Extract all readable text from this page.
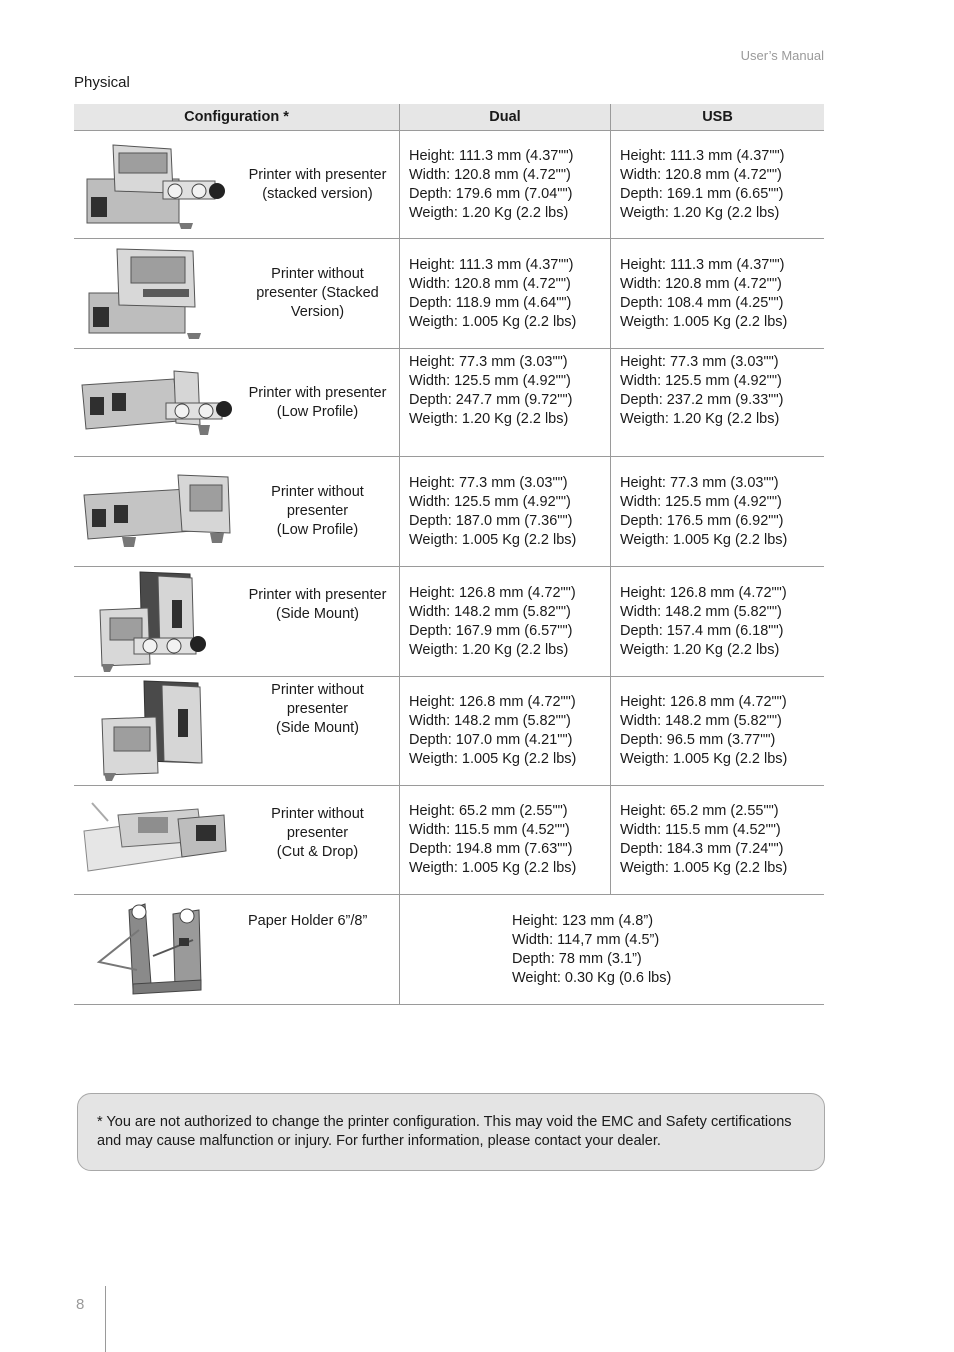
User’s Manual
Physical
Configuration *	Dual	USB

Printer with presenter
(stacked version)	Height: 111.3 mm (4.37"")
Width: 120.8 mm (4.72"")
Depth: 179.6 mm (7.04"")
Weigth: 1.20 Kg (2.2 lbs)	Height: 111.3 mm (4.37"")
Width: 120.8 mm (4.72"")
Depth: 169.1 mm (6.65"")
Weigth: 1.20 Kg (2.2 lbs)

Printer without
presenter (Stacked
Version)	Height: 111.3 mm (4.37"")
Width: 120.8 mm (4.72"")
Depth: 118.9 mm (4.64"")
Weigth: 1.005 Kg (2.2 lbs)	Height: 111.3 mm (4.37"")
Width: 120.8 mm (4.72"")
Depth: 108.4 mm (4.25"")
Weigth: 1.005 Kg (2.2 lbs)

Printer with presenter
(Low Profile)	Height: 77.3 mm (3.03"")
Width: 125.5 mm (4.92"")
Depth: 247.7 mm (9.72"")
Weigth: 1.20 Kg (2.2 lbs)	Height: 77.3 mm (3.03"")
Width: 125.5 mm (4.92"")
Depth: 237.2 mm (9.33"")
Weigth: 1.20 Kg (2.2 lbs)

Printer without
presenter
(Low Profile)	Height: 77.3 mm (3.03"")
Width: 125.5 mm (4.92"")
Depth: 187.0 mm (7.36"")
Weigth: 1.005 Kg (2.2 lbs)	Height: 77.3 mm (3.03"")
Width: 125.5 mm (4.92"")
Depth: 176.5 mm (6.92"")
Weigth: 1.005 Kg (2.2 lbs)

Printer with presenter
(Side Mount)	Height: 126.8 mm (4.72"")
Width: 148.2 mm (5.82"")
Depth: 167.9 mm (6.57"")
Weigth: 1.20 Kg (2.2 lbs)	Height: 126.8 mm (4.72"")
Width: 148.2 mm (5.82"")
Depth: 157.4 mm (6.18"")
Weigth: 1.20 Kg (2.2 lbs)

Printer without
presenter
(Side Mount)	Height: 126.8 mm (4.72"")
Width: 148.2 mm (5.82"")
Depth: 107.0 mm (4.21"")
Weigth: 1.005 Kg (2.2 lbs)	Height: 126.8 mm (4.72"")
Width: 148.2 mm (5.82"")
Depth: 96.5 mm (3.77"")
Weigth: 1.005 Kg (2.2 lbs)

Printer without
presenter
(Cut & Drop)	Height: 65.2 mm (2.55"")
Width: 115.5 mm (4.52"")
Depth: 194.8 mm (7.63"")
Weigth: 1.005 Kg (2.2 lbs)	Height: 65.2 mm (2.55"")
Width: 115.5 mm (4.52"")
Depth: 184.3 mm (7.24"")
Weigth: 1.005 Kg (2.2 lbs)

Paper Holder 6”/8”	Height: 123 mm (4.8”)
Width: 114,7 mm (4.5”)
Depth: 78 mm (3.1”)
Weight: 0.30 Kg (0.6 lbs)	
* You are not authorized to change the printer configuration. This may void the EMC and Safety certifications
and may cause malfunction or injury. For further information, please contact your dealer.
8
